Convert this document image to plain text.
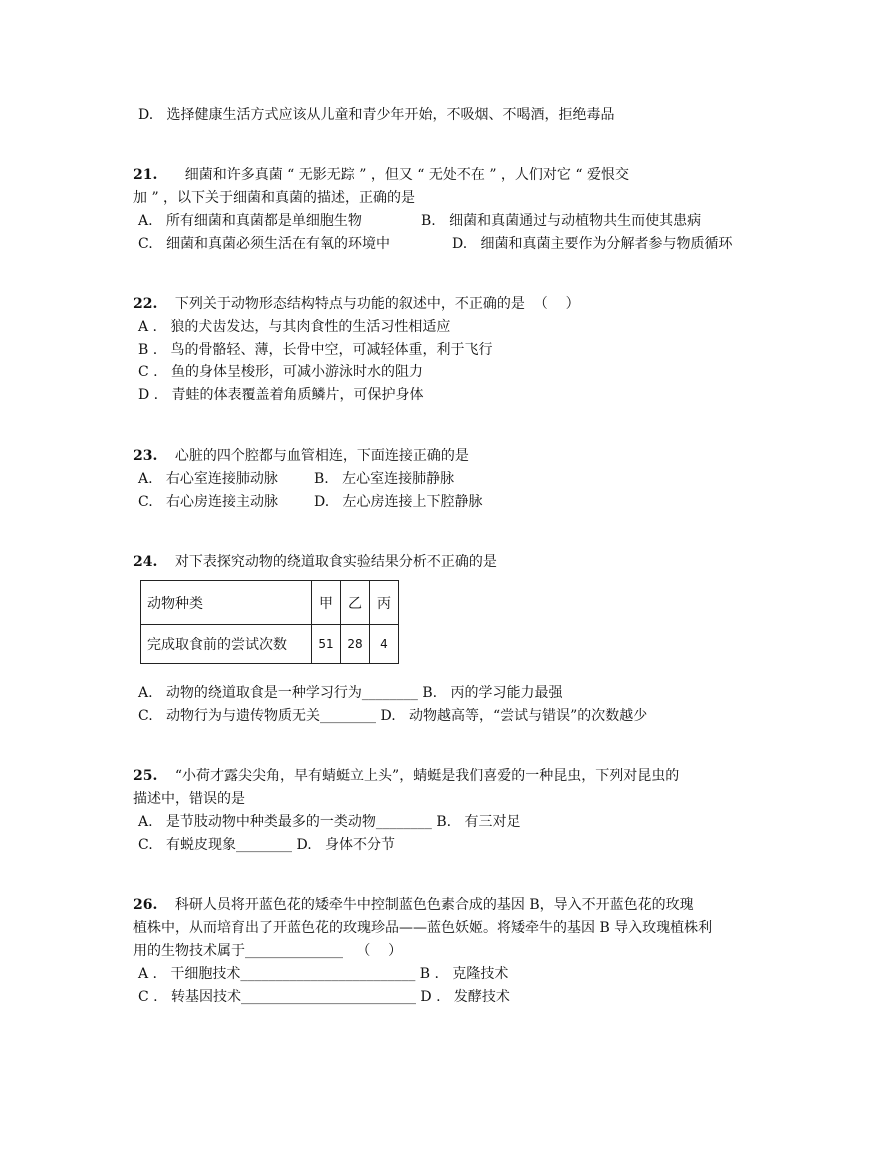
D.   选择健康生活方式应该从儿童和青少年开始，不吸烟、不喝酒，拒绝毒品
21. 细菌和许多真菌 “ 无影无踪 ” ，但又 “ 无处不在 ” ，人们对它 “ 爱恨交
加 ” ，以下关于细菌和真菌的描述，正确的是
A.   所有细菌和真菌都是单细胞生物	B.   细菌和真菌通过与动植物共生而使其患病
C.   细菌和真菌必须生活在有氧的环境中	D.   细菌和真菌主要作为分解者参与物质循环
22. 下列关于动物形态结构特点与功能的叙述中，不正确的是  （    ）
A .   狼的犬齿发达，与其肉食性的生活习性相适应
B .   鸟的骨骼轻、薄，长骨中空，可减轻体重，利于飞行
C .   鱼的身体呈梭形，可减小游泳时水的阻力
D .   青蛙的体表覆盖着角质鳞片，可保护身体
23. 心脏的四个腔都与血管相连，下面连接正确的是
A.   右心室连接肺动脉	B.   左心室连接肺静脉
C.   右心房连接主动脉	D.   左心房连接上下腔静脉
24. 对下表探究动物的绕道取食实验结果分析不正确的是
动物种类	甲	乙	丙
完成取食前的尝试次数	51	28	4
A.   动物的绕道取食是一种学习行为________ B.   丙的学习能力最强
C.   动物行为与遗传物质无关________ D.   动物越高等，“尝试与错误”的次数越少
25. “小荷才露尖尖角，早有蜻蜓立上头”，蜻蜓是我们喜爱的一种昆虫，下列对昆虫的
描述中，错误的是
A.   是节肢动物中种类最多的一类动物________ B.   有三对足
C.   有蜕皮现象________ D.   身体不分节
26. 科研人员将开蓝色花的矮牵牛中控制蓝色色素合成的基因 B，导入不开蓝色花的玫瑰
植株中，从而培育出了开蓝色花的玫瑰珍品——蓝色妖姬。将矮牵牛的基因 B 导入玫瑰植株利
用的生物技术属于______________   （    ）
A .   干细胞技术_________________________ B .   克隆技术
C .   转基因技术_________________________ D .   发酵技术
